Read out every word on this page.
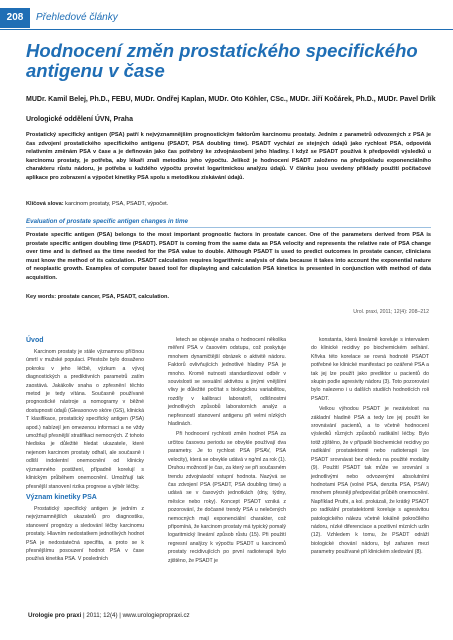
208	Přehledové články
Hodnocení změn prostatického specifického antigenu v čase
MUDr. Kamil Belej, Ph.D., FEBU, MUDr. Ondřej Kaplan, MUDr. Oto Köhler, CSc., MUDr. Jiří Kočárek, Ph.D., MUDr. Pavel Drlík
Urologické oddělení ÚVN, Praha
Prostatický specifický antigen (PSA) patří k nejvýznamnějším prognostickým faktorům karcinomu prostaty. Jedním z parametrů odvozených z PSA je čas zdvojení prostatického specifického antigenu (PSADT, PSA doubling time). PSADT vychází ze stejných údajů jako rychlost PSA, odpovídá relativním změnám PSA v čase a je definován jako čas potřebný ke zdvojnásobení jeho hladiny. I když se PSADT používá k předpovědi výsledků u karcinomu prostaty, je potřeba, aby lékaři znali metodiku jeho výpočtu. Jelikož je hodnocení PSADT založeno na předpokladu exponenciálního charakteru růstu nádoru, je potřeba u každého výpočtu provést logaritmickou analýzu údajů. V článku jsou uvedeny příklady použití počítačové aplikace pro zobrazení a výpočet kinetiky PSA spolu s metodikou získávání údajů.
Klíčová slova: karcinom prostaty, PSA, PSADT, výpočet.
Evaluation of prostate specific antigen changes in time
Prostate specific antigen (PSA) belongs to the most important prognostic factors in prostate cancer. One of the parameters derived from PSA is prostate specific antigen doubling time (PSADT). PSADT is coming from the same data as PSA velocity and represents the relative rate of PSA change over time and is defined as the time needed for the PSA value to double. Although PSADT is used to predict outcomes in prostate cancer, clinicians must know the method of its calculation. PSADT calculation requires logarithmic analysis of data because it takes into account the exponential nature of neoplastic growth. Examples of computer based tool for displaying and calculation PSA kinetics is presented in conjunction with method of data acquisition.
Key words: prostate cancer, PSA, PSADT, calculation.
Urol. praxi, 2011; 12(4): 208–212
Úvod

Karcinom prostaty je stále významnou příčinou úmrtí v mužské populaci. Přestože bylo dosaženo pokroku v jeho léčbě, výzkum a vývoj diagnostických a prediktivních parametrů zatím zaostává. Jakákoliv snaha o zpřesnění těchto metod je tedy vítána. Současně používané prognostické nástroje a nomogramy v běžné dostupnosti údajů (Gleasonovo skóre (GS), klinická T klasifikace, prostatický specifický antigen (PSA) apod.) nabízejí jen omezenou informaci a ne vždy umožňují přesnější stratifikaci nemocných. Z tohoto hlediska je důležité hledat ukazatele, které nejenom karcinom prostaty odhalí, ale současně i odliší indolentní onemocnění od klinicky významného postižení, případně korelují s klinickým průběhem onemocnění. Umožňují tak přesnější stanovení rizika progrese a výběr léčby.

Význam kinetiky PSA

Prostatický specifický antigen je jedním z nejvýznamnějších ukazatelů pro diagnostiku, stanovení prognózy a sledování léčby karcinomu prostaty. Hlavním nedostatkem jednotlivých hodnot PSA je nedostatečná specifita, a proto se k přesnějšímu posouzení hodnot PSA v čase používá kinetika PSA. V posledních

letech se objevuje snaha o hodnocení několika měření PSA v časovém odstupu, což poskytuje mnohem dynamičtější obrázek o aktivitě nádoru. Faktorů ovlivňujících jednotlivé hladiny PSA je mnoho. Kromě nutnosti standardizovat odběr v souvislosti se sexuální aktivitou a jinými vnějšími vlivy je důležité počítat s biologickou variabilitou, rozdíly v kalibraci laboratoří, odlišnostmi jednotlivých způsobů laboratorních analýz a nepřesností stanovení antigenu při velmi nízkých hladinách.

Při hodnocení rychlosti změn hodnot PSA za určitou časovou periodu se obvykle používají dva parametry. Je to rychlost PSA (PSAV, PSA velocity), která se obvykle udává v ng/ml za rok (1). Druhou možností je čas, za který se při současném trendu zdvojnásobí vstupní hodnota. Nazývá se čas zdvojení PSA (PSADT, PSA doubling time) a udává se v časových jednotkách (dny, týdny, měsíce nebo roky). Koncept PSADT vzniká z pozorování, že dočasné trendy PSA u nelečených nemocných mají exponenciální charakter, což připomíná, že karcinom prostaty má typický pomalý logaritmický lineární způsob růstu (15). Při použití regresní analýzy k výpočtu PSADT u karcinomů prostaty recidivujících po první radioterapii bylo zjištěno, že PSADT je

konstanta, která lineárně koreluje s intervalem do klinické recidivy po biochemickém selhání. Křivka této korelace se rovná hodnotě PSADT potřebné ke klinické manifestaci po ozářené PSA a tak jej lze použít jako prediktor u pacientů do skupin podle agresivity nádoru (3). Toto pozorování bylo nalezeno i u dalších studiích hodnotících roli PSADT.

Velkou výhodou PSADT je nezávislost na základní hladině PSA a tedy lze jej použít ke srovnávání pacientů, a to včetně hodnocení výsledků různých způsobů radikální léčby. Bylo totiž zjištěno, že v případě biochemické recidivy po radikální prostatektomii nebo radioterapii lze PSADT srovnávat bez ohledu na použité modality (9). Použití PSADT tak může ve srovnání s jednotlivými nebo odvozenými absolutními hodnotami PSA (volné PSA, denzita PSA, PSAV) mnohem přesněji předpovídat průběh onemocnění. Například Pruthi, a kol. prokázali, že krátký PSADT po radikální prostatektomii koreluje s agresivitou patologického nálezu včetně lokálně pokročilého nádoru, nízké diferenciace a pozitivní mízních uzlin (12). Vzhledem k tomu, že PSADT odráží biologické chování nádoru, byl zařazen mezi parametry používané při klinickém sledování (8).

Urologie pro praxi | 2011; 12(4) | www.urologiepropraxi.cz
